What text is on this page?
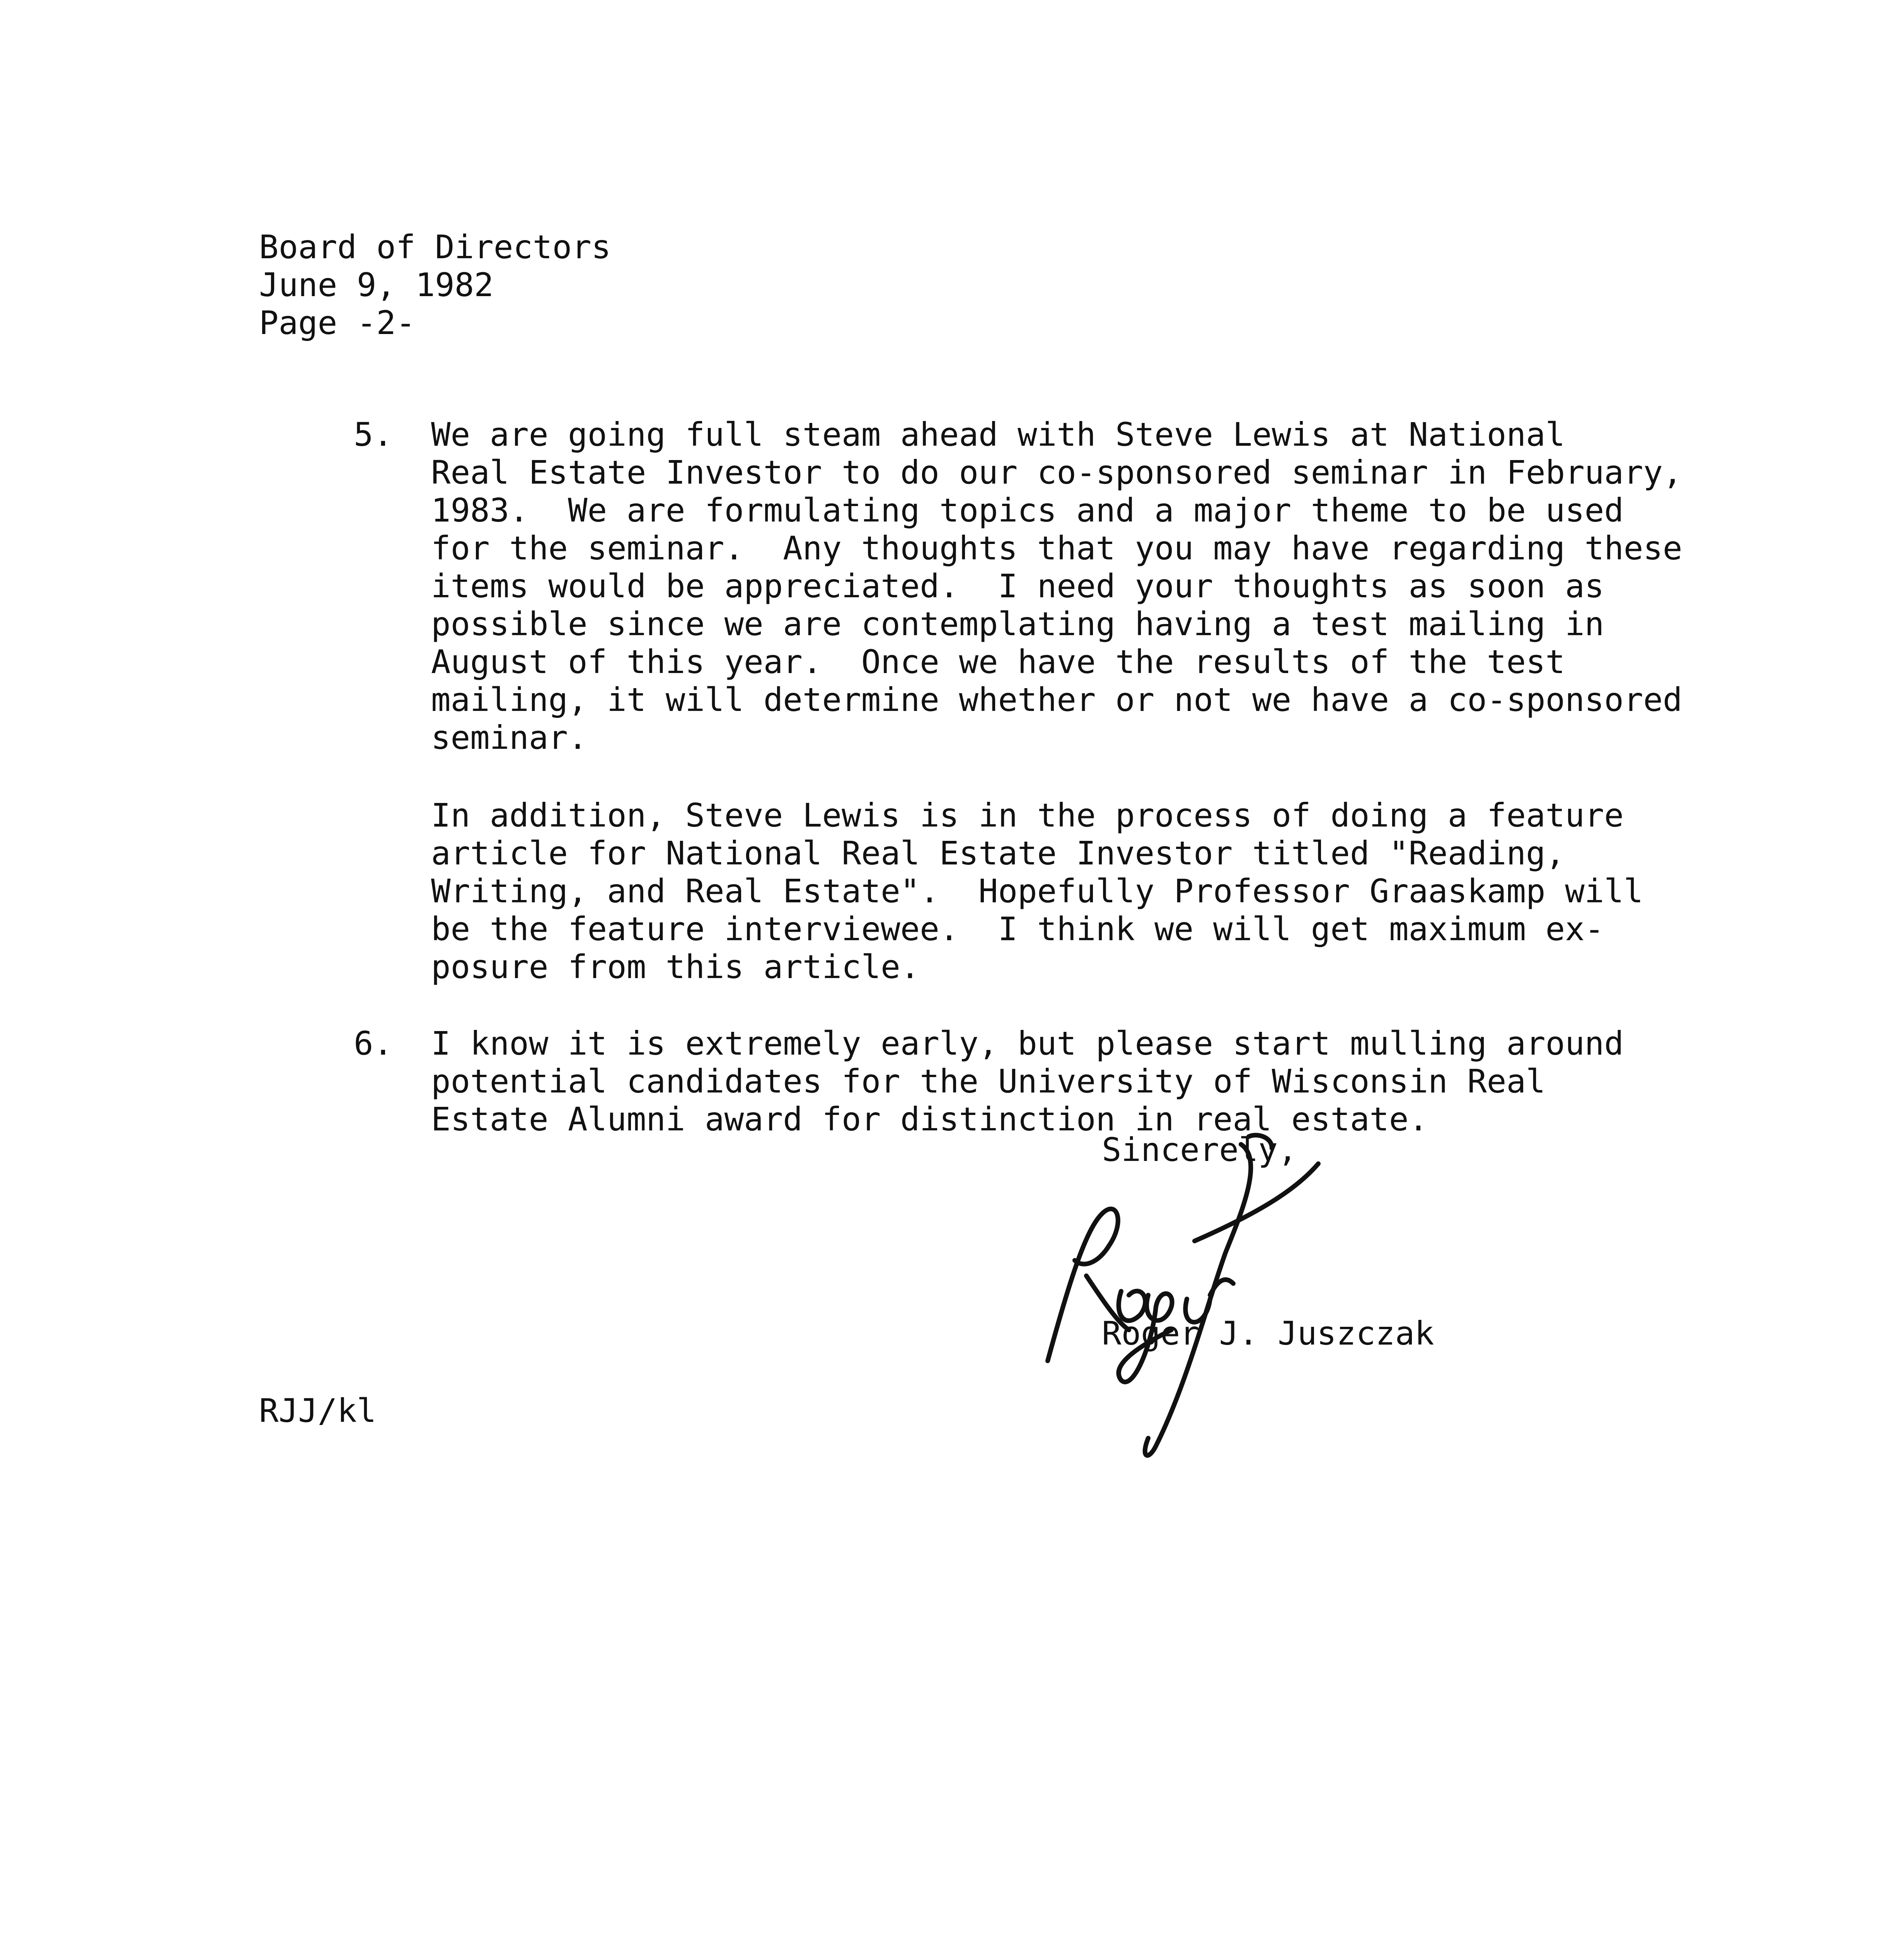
Board of Directors
June 9, 1982
Page -2-
5. We are going full steam ahead with Steve Lewis at National
Real Estate Investor to do our co-sponsored seminar in February,
1983.  We are formulating topics and a major theme to be used
for the seminar.  Any thoughts that you may have regarding these
items would be appreciated.  I need your thoughts as soon as
possible since we are contemplating having a test mailing in
August of this year.  Once we have the results of the test
mailing, it will determine whether or not we have a co-sponsored
seminar.
In addition, Steve Lewis is in the process of doing a feature
article for National Real Estate Investor titled "Reading,
Writing, and Real Estate".  Hopefully Professor Graaskamp will
be the feature interviewee.  I think we will get maximum ex-
posure from this article.
6. I know it is extremely early, but please start mulling around
potential candidates for the University of Wisconsin Real
Estate Alumni award for distinction in real estate.
Sincerely,
Roger J. Juszczak
RJJ/kl
